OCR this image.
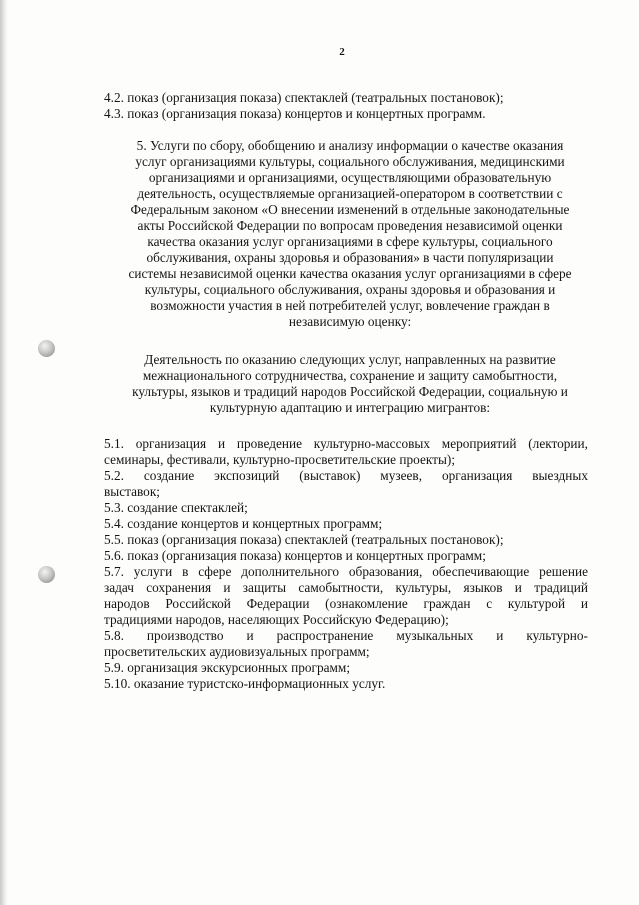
2
4.2. показ (организация показа) спектаклей (театральных постановок);
4.3. показ (организация показа) концертов и концертных программ.
5. Услуги по сбору, обобщению и анализу информации о качестве оказания
услуг организациями культуры, социального обслуживания, медицинскими
организациями и организациями, осуществляющими образовательную
деятельность, осуществляемые организацией-оператором в соответствии с
Федеральным законом «О внесении изменений в отдельные законодательные
акты Российской Федерации по вопросам проведения независимой оценки
качества оказания услуг организациями в сфере культуры, социального
обслуживания, охраны здоровья и образования» в части популяризации
системы независимой оценки качества оказания услуг организациями в сфере
культуры, социального обслуживания, охраны здоровья и образования и
возможности участия в ней потребителей услуг, вовлечение граждан в
независимую оценку:
Деятельность по оказанию следующих услуг, направленных на развитие
межнационального сотрудничества, сохранение и защиту самобытности,
культуры, языков и традиций народов Российской Федерации, социальную и
культурную адаптацию и интеграцию мигрантов:
5.1. организация и проведение культурно-массовых мероприятий (лектории,
семинары, фестивали, культурно-просветительские проекты);
5.2. создание экспозиций (выставок) музеев, организация выездных
выставок;
5.3. создание спектаклей;
5.4. создание концертов и концертных программ;
5.5. показ (организация показа) спектаклей (театральных постановок);
5.6. показ (организация показа) концертов и концертных программ;
5.7. услуги в сфере дополнительного образования, обеспечивающие решение
задач сохранения и защиты самобытности, культуры, языков и традиций
народов Российской Федерации (ознакомление граждан с культурой и
традициями народов, населяющих Российскую Федерацию);
5.8. производство и распространение музыкальных и культурно-
просветительских аудиовизуальных программ;
5.9. организация экскурсионных программ;
5.10. оказание туристско-информационных услуг.
